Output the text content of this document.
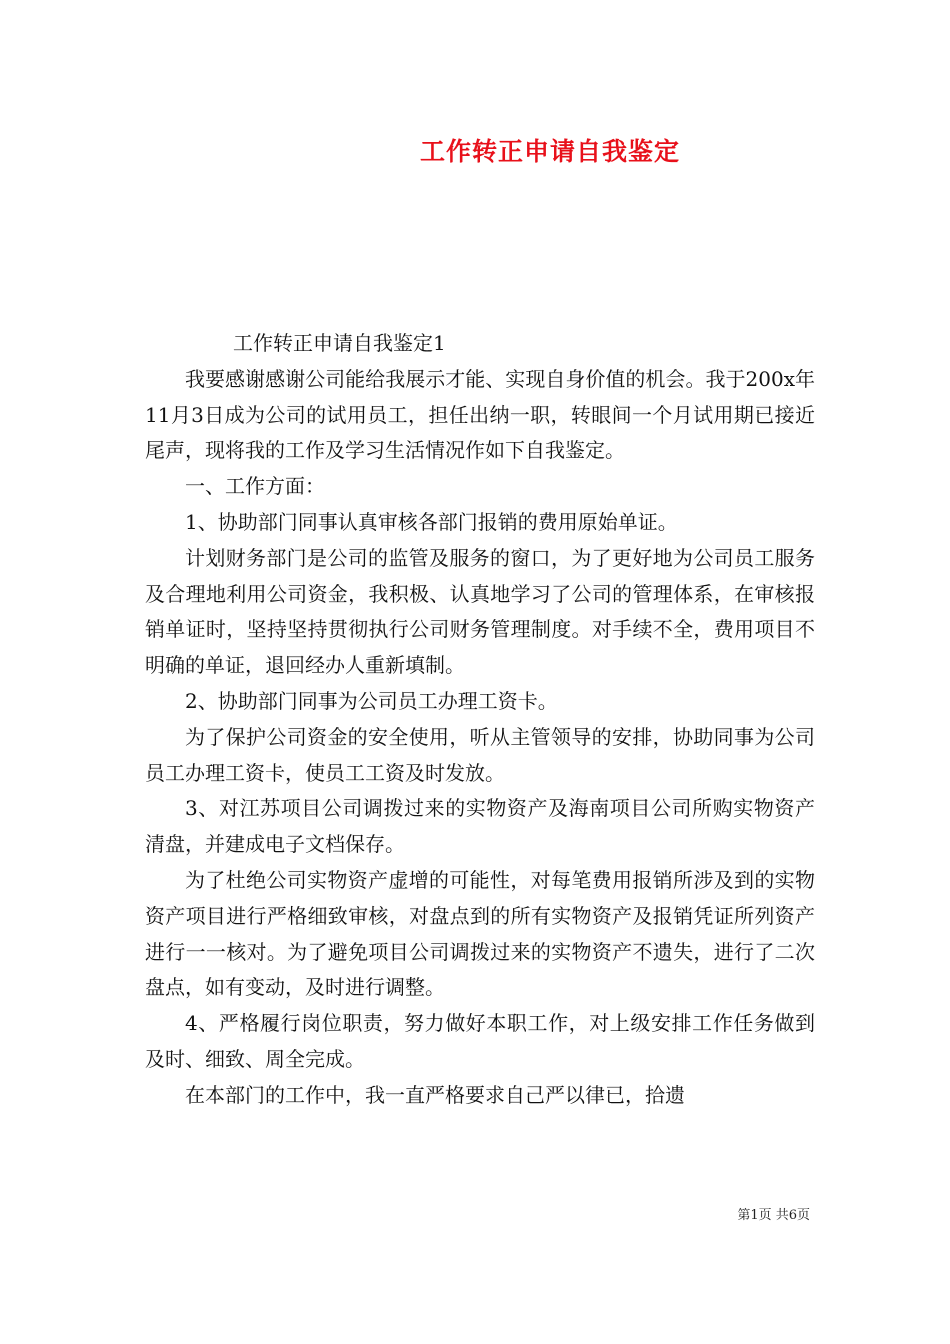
工作转正申请自我鉴定

工作转正申请自我鉴定1

我要感谢感谢公司能给我展示才能、实现自身价值的机会。我于200x年11月3日成为公司的试用员工，担任出纳一职，转眼间一个月试用期已接近尾声，现将我的工作及学习生活情况作如下自我鉴定。

一、工作方面：

1、协助部门同事认真审核各部门报销的费用原始单证。

计划财务部门是公司的监管及服务的窗口，为了更好地为公司员工服务及合理地利用公司资金，我积极、认真地学习了公司的管理体系，在审核报销单证时，坚持坚持贯彻执行公司财务管理制度。对手续不全，费用项目不明确的单证，退回经办人重新填制。

2、协助部门同事为公司员工办理工资卡。

为了保护公司资金的安全使用，听从主管领导的安排，协助同事为公司员工办理工资卡，使员工工资及时发放。

3、对江苏项目公司调拨过来的实物资产及海南项目公司所购实物资产清盘，并建成电子文档保存。

为了杜绝公司实物资产虚增的可能性，对每笔费用报销所涉及到的实物资产项目进行严格细致审核，对盘点到的所有实物资产及报销凭证所列资产进行一一核对。为了避免项目公司调拨过来的实物资产不遗失，进行了二次盘点，如有变动，及时进行调整。

4、严格履行岗位职责，努力做好本职工作，对上级安排工作任务做到及时、细致、周全完成。

在本部门的工作中，我一直严格要求自己严以律已，拾遗

第1页 共6页
